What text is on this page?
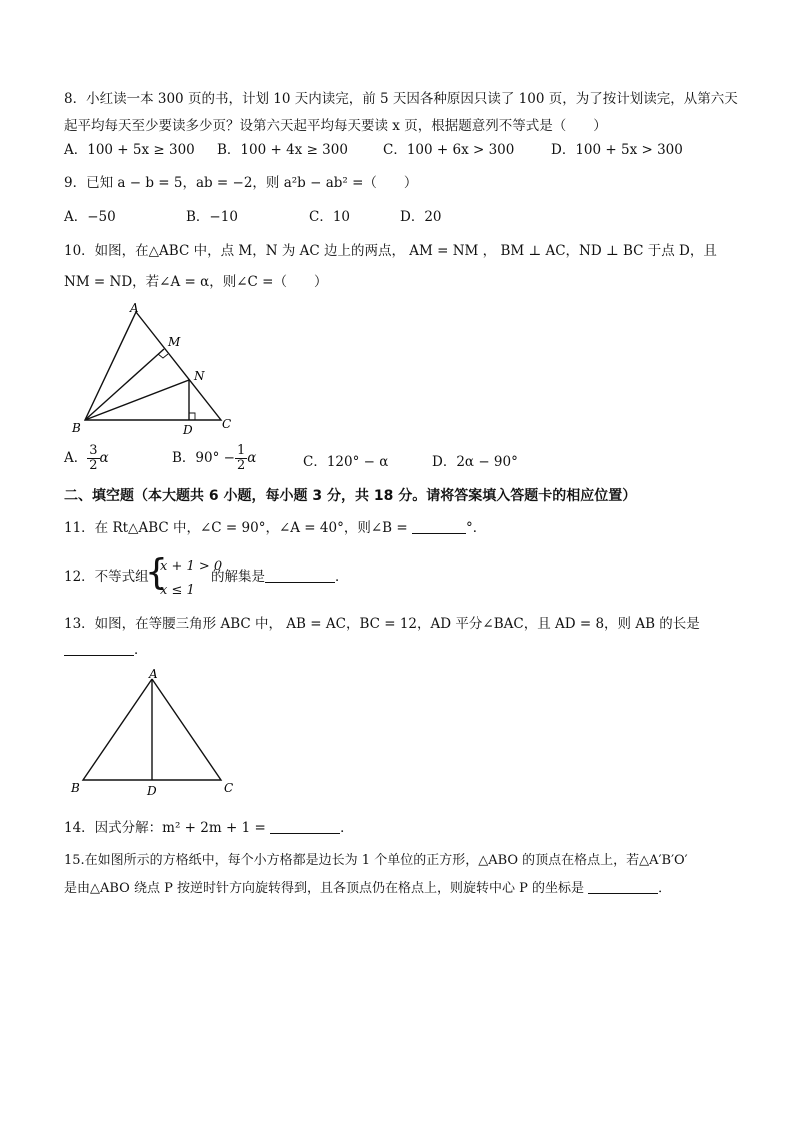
8．小红读一本 300 页的书，计划 10 天内读完，前 5 天因各种原因只读了 100 页，为了按计划读完，从第六天
起平均每天至少要读多少页？设第六天起平均每天要读 x 页，根据题意列不等式是（　　）
A．100 + 5x ≥ 300 B．100 + 4x ≥ 300	C．100 + 6x > 300	D．100 + 5x > 300
9．已知 a − b = 5，ab = −2，则 a²b − ab² =（　　）
A．−50	B．−10	C．10	D．20
10．如图，在△ABC 中，点 M，N 为 AC 边上的两点， AM = NM ， BM ⊥ AC，ND ⊥ BC 于点 D，且
NM = ND，若∠A = α，则∠C =（　　）
A
M
N
B	D C
A． $\frac{3}{2}$ α	B．$90^\circ - \frac{1}{2}$ α	C．120° − α	D．2α − 90°
二、填空题（本大题共 6 小题，每小题 3 分，共 18 分。请将答案填入答题卡的相应位置）
11．在 Rt△ABC 中，∠C = 90°，∠A = 40°，则∠B =	°．
12．不等式组
{
x + 1 > 0
x ≤ 1
的解集是	．
13．如图，在等腰三角形 ABC 中， AB = AC，BC = 12，AD 平分∠BAC，且 AD = 8，则 AB 的长是
．
A
B	D	C
14．因式分解：m² + 2m + 1 =	．
15.在如图所示的方格纸中，每个小方格都是边长为 1 个单位的正方形，△ABO 的顶点在格点上，若△A′B′O′
是由△ABO 绕点 P 按逆时针方向旋转得到，且各顶点仍在格点上，则旋转中心 P 的坐标是	．
